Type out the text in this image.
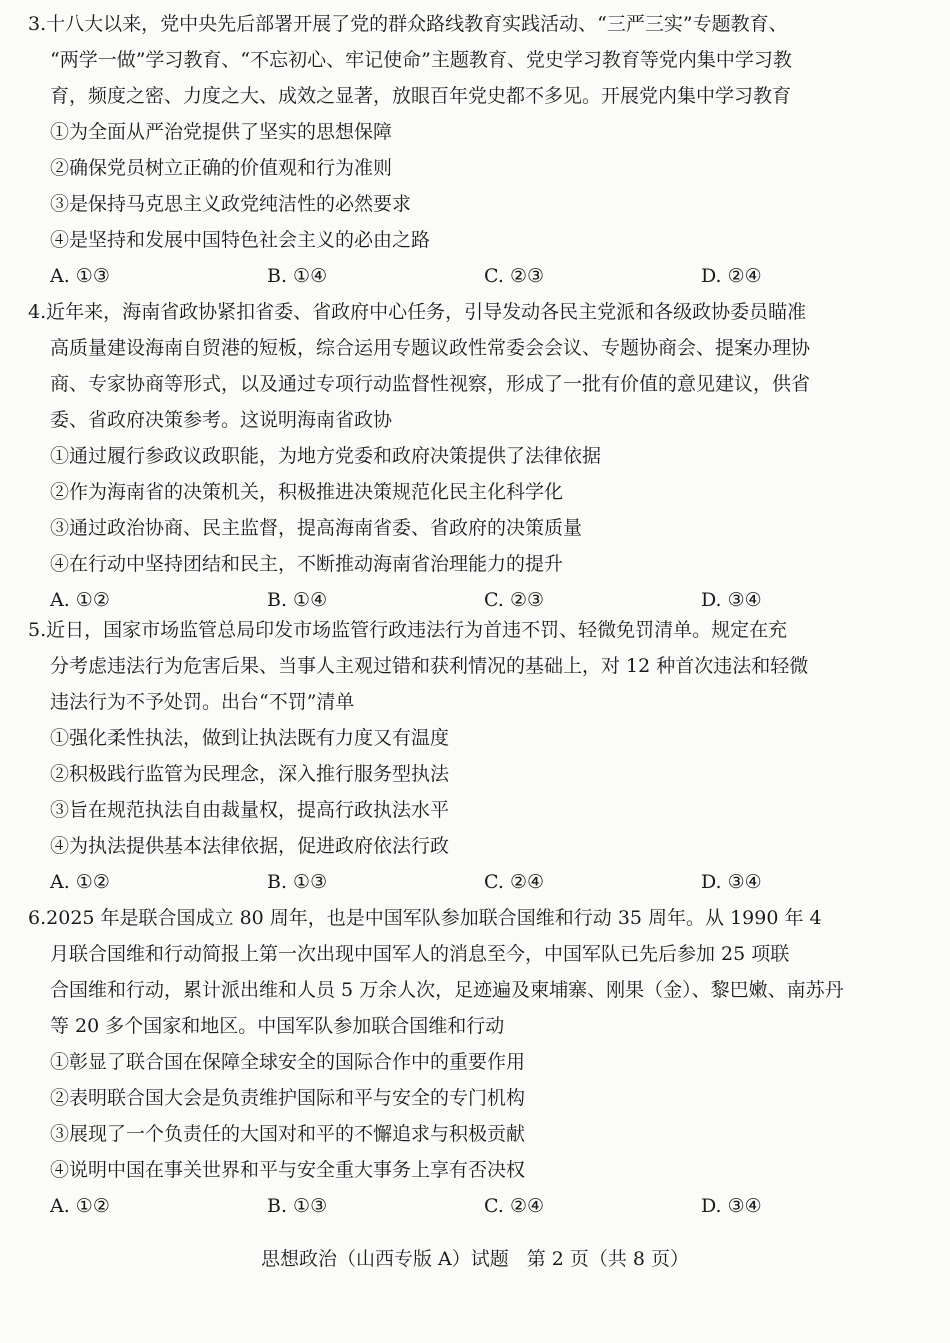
3.十八大以来，党中央先后部署开展了党的群众路线教育实践活动、“三严三实”专题教育、
“两学一做”学习教育、“不忘初心、牢记使命”主题教育、党史学习教育等党内集中学习教
育，频度之密、力度之大、成效之显著，放眼百年党史都不多见。开展党内集中学习教育
①为全面从严治党提供了坚实的思想保障
②确保党员树立正确的价值观和行为准则
③是保持马克思主义政党纯洁性的必然要求
④是坚持和发展中国特色社会主义的必由之路
A. ①③	B. ①④	C. ②③	D. ②④
4.近年来，海南省政协紧扣省委、省政府中心任务，引导发动各民主党派和各级政协委员瞄准
高质量建设海南自贸港的短板，综合运用专题议政性常委会会议、专题协商会、提案办理协
商、专家协商等形式，以及通过专项行动监督性视察，形成了一批有价值的意见建议，供省
委、省政府决策参考。这说明海南省政协
①通过履行参政议政职能，为地方党委和政府决策提供了法律依据
②作为海南省的决策机关，积极推进决策规范化民主化科学化
③通过政治协商、民主监督，提高海南省委、省政府的决策质量
④在行动中坚持团结和民主，不断推动海南省治理能力的提升
A. ①②	B. ①④	C. ②③	D. ③④
5.近日，国家市场监管总局印发市场监管行政违法行为首违不罚、轻微免罚清单。规定在充
分考虑违法行为危害后果、当事人主观过错和获利情况的基础上，对 12 种首次违法和轻微
违法行为不予处罚。出台“不罚”清单
①强化柔性执法，做到让执法既有力度又有温度
②积极践行监管为民理念，深入推行服务型执法
③旨在规范执法自由裁量权，提高行政执法水平
④为执法提供基本法律依据，促进政府依法行政
A. ①②	B. ①③	C. ②④	D. ③④
6.2025 年是联合国成立 80 周年，也是中国军队参加联合国维和行动 35 周年。从 1990 年 4
月联合国维和行动简报上第一次出现中国军人的消息至今，中国军队已先后参加 25 项联
合国维和行动，累计派出维和人员 5 万余人次，足迹遍及柬埔寨、刚果（金）、黎巴嫩、南苏丹
等 20 多个国家和地区。中国军队参加联合国维和行动
①彰显了联合国在保障全球安全的国际合作中的重要作用
②表明联合国大会是负责维护国际和平与安全的专门机构
③展现了一个负责任的大国对和平的不懈追求与积极贡献
④说明中国在事关世界和平与安全重大事务上享有否决权
A. ①②	B. ①③	C. ②④	D. ③④
思想政治（山西专版 A）试题 第 2 页（共 8 页）
